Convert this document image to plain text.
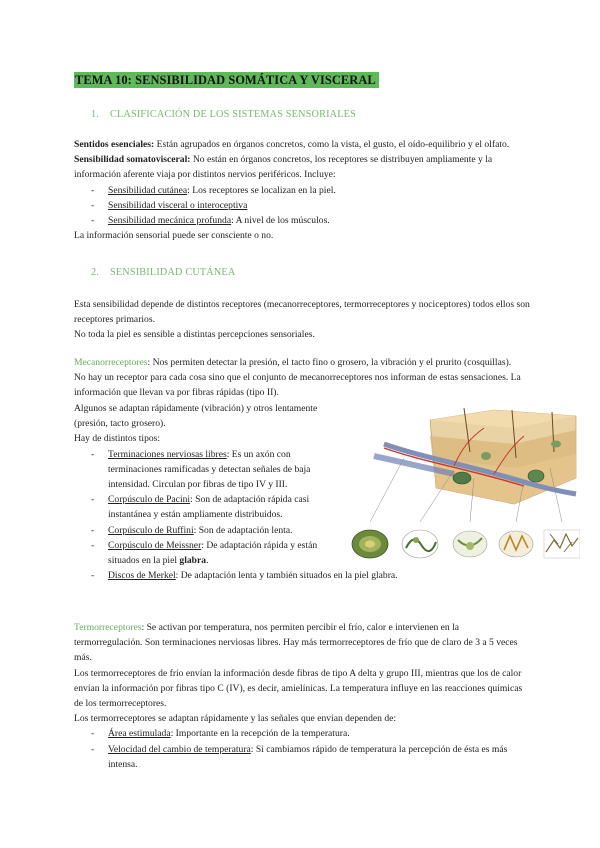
TEMA 10: SENSIBILIDAD SOMÁTICA Y VISCERAL
1. CLASIFICACIÓN DE LOS SISTEMAS SENSORIALES
Sentidos esenciales: Están agrupados en órganos concretos, como la vista, el gusto, el oído-equilibrio y el olfato.
Sensibilidad somatovisceral: No están en órganos concretos, los receptores se distribuyen ampliamente y la información aferente viaja por distintos nervios periféricos. Incluye:
- Sensibilidad cutánea: Los receptores se localizan en la piel.
- Sensibilidad visceral o interoceptiva
- Sensibilidad mecánica profunda: A nivel de los músculos.
La información sensorial puede ser consciente o no.
2. SENSIBILIDAD CUTÁNEA
Esta sensibilidad depende de distintos receptores (mecanorreceptores, termorreceptores y nociceptores) todos ellos son receptores primarios.
No toda la piel es sensible a distintas percepciones sensoriales.
Mecanorreceptores: Nos permiten detectar la presión, el tacto fino o grosero, la vibración y el prurito (cosquillas). No hay un receptor para cada cosa sino que el conjunto de mecanorreceptores nos informan de estas sensaciones. La información que llevan va por fibras rápidas (tipo II).
Algunos se adaptan rápidamente (vibración) y otros lentamente (presión, tacto grosero).
Hay de distintos tipos:
- Terminaciones nerviosas libres: Es un axón con terminaciones ramificadas y detectan señales de baja intensidad. Circulan por fibras de tipo IV y III.
- Corpúsculo de Pacini: Son de adaptación rápida casi instantánea y están ampliamente distribuidos.
- Corpúsculo de Ruffini: Son de adaptación lenta.
- Corpúsculo de Meissner: De adaptación rápida y están situados en la piel glabra.
- Discos de Merkel: De adaptación lenta y también situados en la piel glabra.
Termorreceptores: Se activan por temperatura, nos permiten percibir el frío, calor e intervienen en la termorregulación. Son terminaciones nerviosas libres. Hay más termorreceptores de frío que de claro de 3 a 5 veces más.
Los termorreceptores de frío envían la información desde fibras de tipo A delta y grupo III, mientras que los de calor envían la información por fibras tipo C (IV), es decir, amielínicas. La temperatura influye en las reacciones químicas de los termorreceptores.
Los termorreceptores se adaptan rápidamente y las señales que envían dependen de:
- Área estimulada: Importante en la recepción de la temperatura.
- Velocidad del cambio de temperatura: Si cambiamos rápido de temperatura la percepción de ésta es más intensa.
